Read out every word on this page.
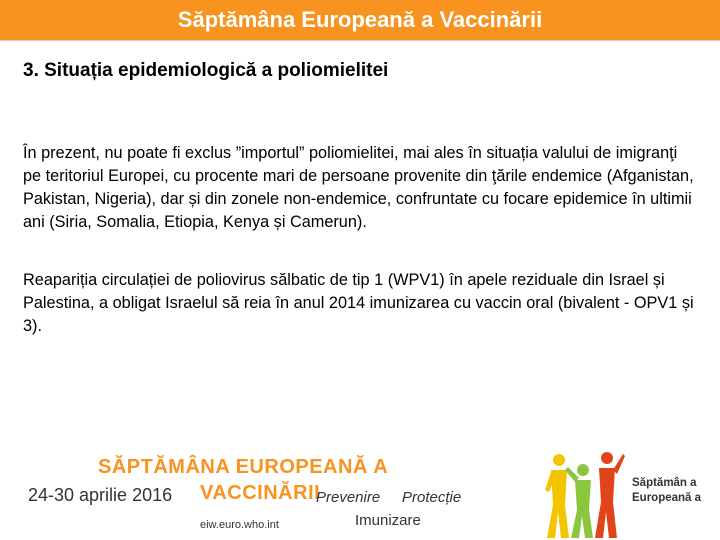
Săptămâna Europeană a Vaccinării
3. Situația epidemiologică a poliomielitei

În prezent, nu poate fi exclus ”importul” poliomielitei, mai ales în situația valului de imigranţi pe teritoriul Europei, cu procente mari de persoane provenite din ţările endemice (Afganistan, Pakistan, Nigeria), dar și din zonele non-endemice, confruntate cu focare epidemice în ultimii ani (Siria, Somalia, Etiopia, Kenya și Camerun).

Reapariția circulației de poliovirus sălbatic de tip 1 (WPV1) în apele reziduale din Israel și Palestina, a obligat Israelul să reia în anul 2014 imunizarea cu vaccin oral (bivalent - OPV1 și 3).

SĂPTĂMÂNA EUROPEANĂ A
24-30 aprilie 2016 VACCINĂRII
Prevenire Protecție
Imunizare
eiw.euro.who.int

Săptămân a Europeană a
